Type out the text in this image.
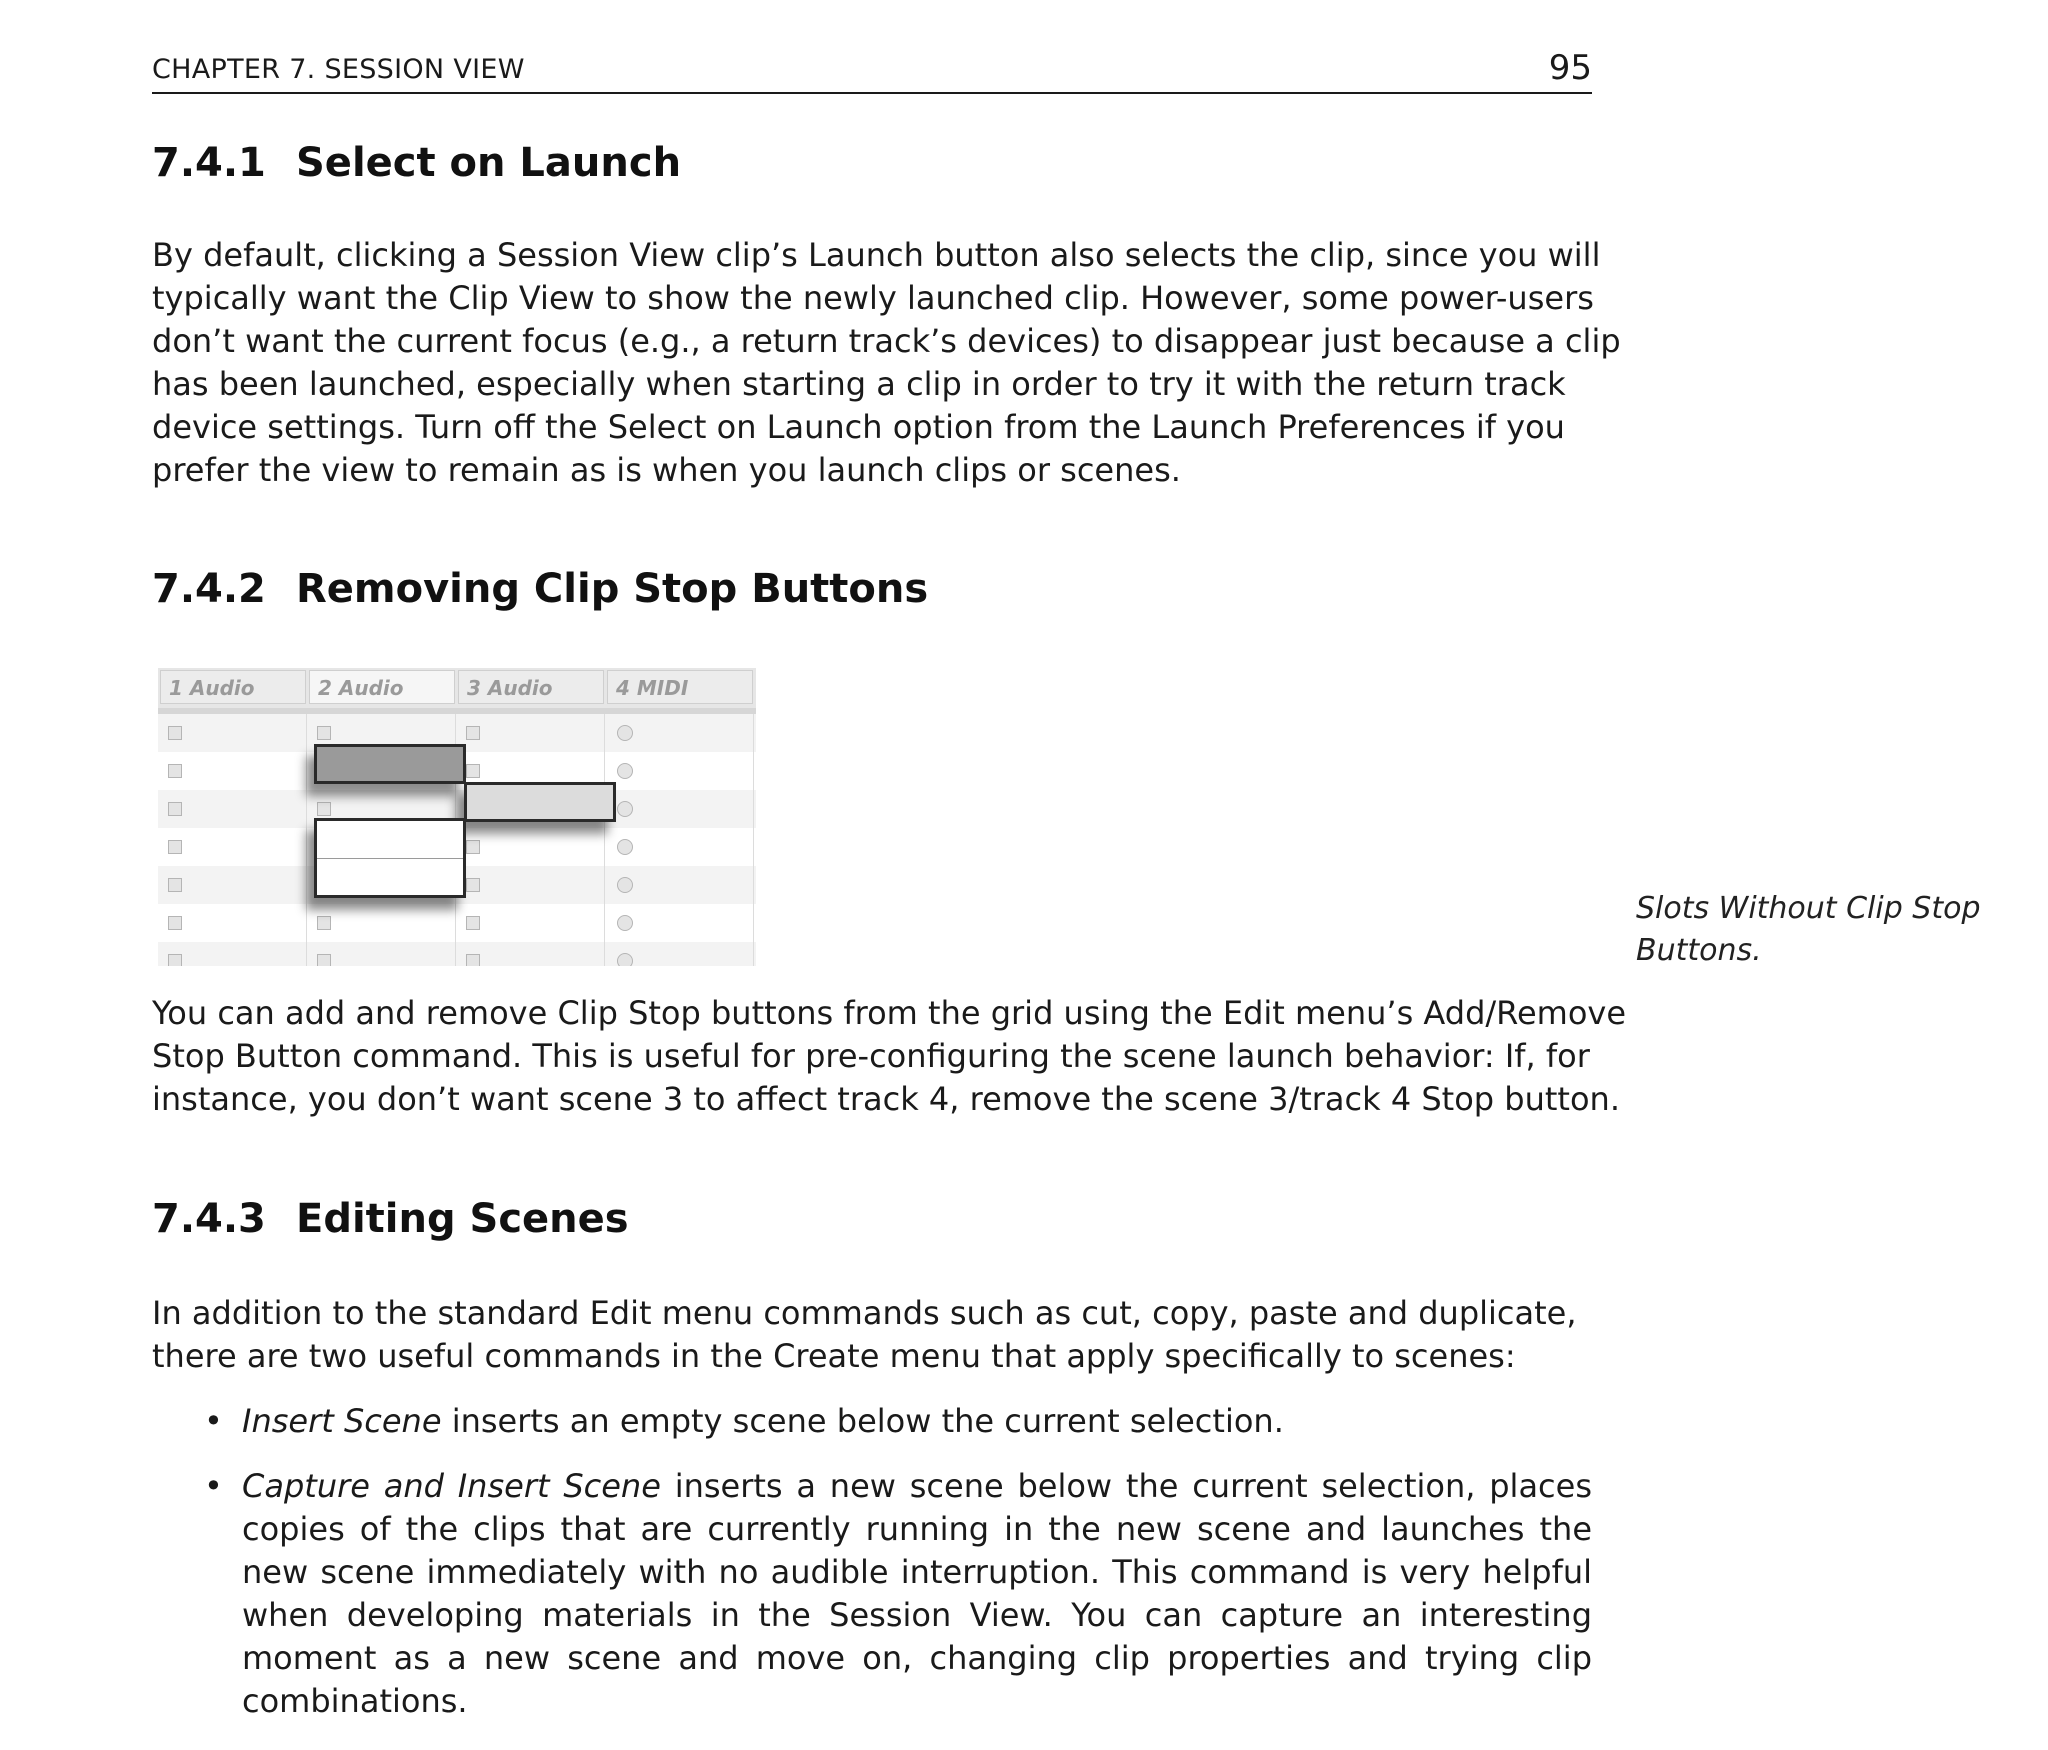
CHAPTER 7. SESSION VIEW	95
7.4.1 Select on Launch
By default, clicking a Session View clip’s Launch button also selects the clip, since you will
typically want the Clip View to show the newly launched clip. However, some power-users
don’t want the current focus (e.g., a return track’s devices) to disappear just because a clip
has been launched, especially when starting a clip in order to try it with the return track
device settings. Turn off the Select on Launch option from the Launch Preferences if you
prefer the view to remain as is when you launch clips or scenes.
7.4.2 Removing Clip Stop Buttons
1 Audio	2 Audio	3 Audio	4 MIDI

Slots Without Clip Stop Buttons.

You can add and remove Clip Stop buttons from the grid using the Edit menu’s Add/Remove
Stop Button command. This is useful for pre-configuring the scene launch behavior: If, for
instance, you don’t want scene 3 to affect track 4, remove the scene 3/track 4 Stop button.
7.4.3 Editing Scenes
In addition to the standard Edit menu commands such as cut, copy, paste and duplicate,
there are two useful commands in the Create menu that apply specifically to scenes:
• Insert Scene inserts an empty scene below the current selection.
• Capture and Insert Scene inserts a new scene below the current selection, places copies of the clips that are currently running in the new scene and launches the new scene immediately with no audible interruption. This command is very helpful when developing materials in the Session View. You can capture an interesting moment as a new scene and move on, changing clip properties and trying clip combinations.
